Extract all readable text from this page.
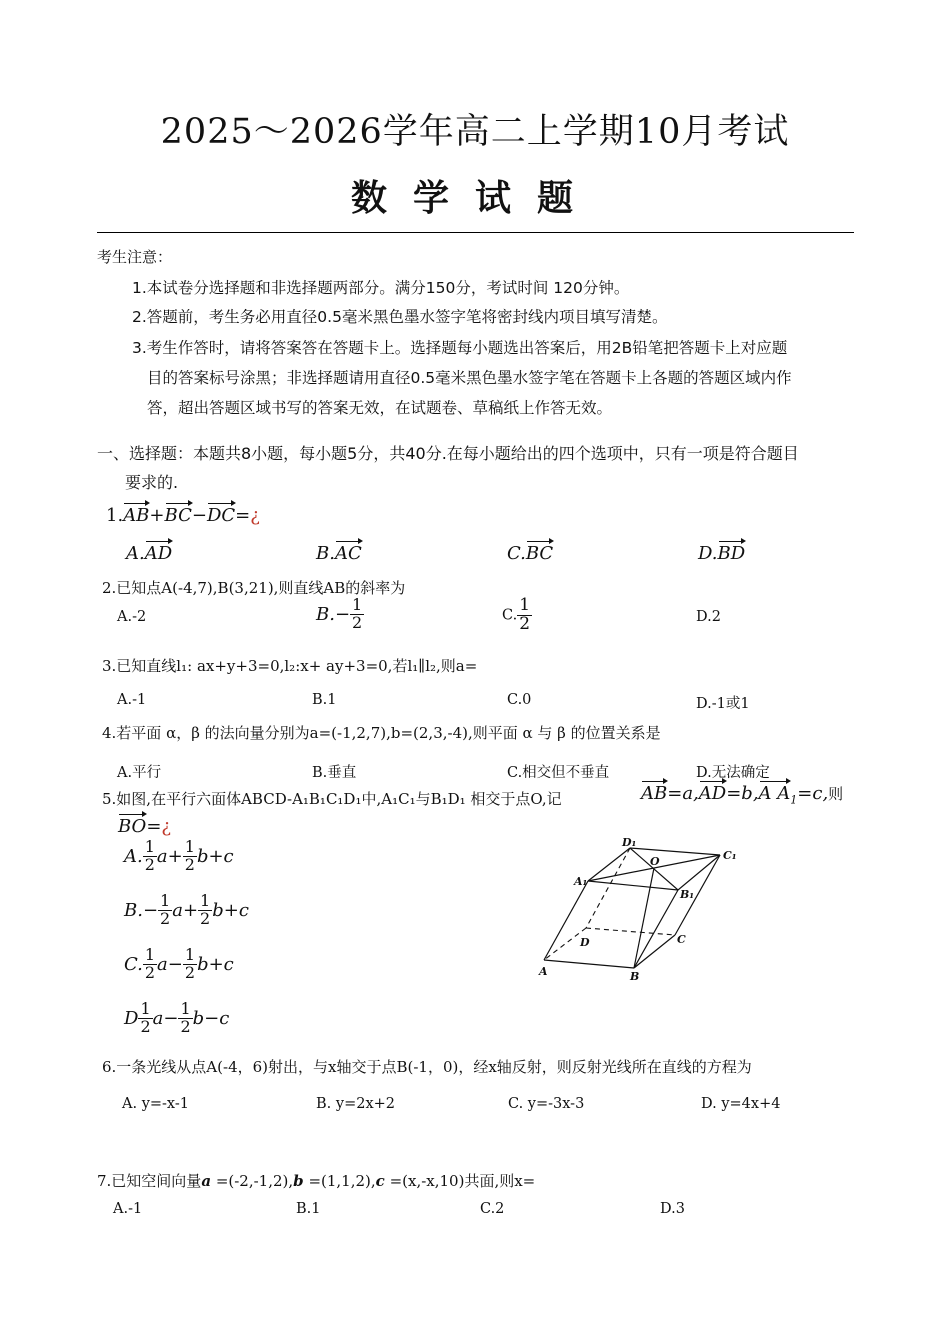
2025～2026学年高二上学期10月考试
数学试题
考生注意：
1.本试卷分选择题和非选择题两部分。满分150分，考试时间 120分钟。
2.答题前，考生务必用直径0.5毫米黑色墨水签字笔将密封线内项目填写清楚。
3.考生作答时，请将答案答在答题卡上。选择题每小题选出答案后，用2B铅笔把答题卡上对应题
目的答案标号涂黑；非选择题请用直径0.5毫米黑色墨水签字笔在答题卡上各题的答题区域内作
答，超出答题区域书写的答案无效，在试题卷、草稿纸上作答无效。
一、选择题：本题共8小题，每小题5分，共40分.在每小题给出的四个选项中，只有一项是符合题目
要求的.
1.AB+BC−DC=¿
A.AD	B.AC	C.BC	D.BD
2.已知点A(-4,7),B(3,21),则直线AB的斜率为
A.-2	$B.- \frac{1}{2}$	C. $\frac{1}{2}$	D.2
3.已知直线l₁: ax+y+3=0,l₂:x+ ay+3=0,若l₁∥l₂,则a=
A.-1	B.1	C.0	D.-1或1
4.若平面 α，β 的法向量分别为a=(-1,2,7),b=(2,3,-4),则平面 α 与 β 的位置关系是
A.平行	B.垂直	C.相交但不垂直	D.无法确定
5.如图,在平行六面体ABCD-A₁B₁C₁D₁中,A₁C₁与B₁D₁ 相交于点O,记	AB=a,AD=b,A $A_1=c$,则
BO=¿
A. $\frac{1}{2} a+ \frac{1}{2} b+c$
$B.- \frac{1}{2} a+ \frac{1}{2} b+c$
C. $\frac{1}{2} a- \frac{1}{2} b+c$
D $\frac{1}{2} a- \frac{1}{2} b-c$
D₁
O	C₁
A₁
B₁
D	C
A	B
6.一条光线从点A(-4，6)射出，与x轴交于点B(-1，0)，经x轴反射，则反射光线所在直线的方程为
A. y=-x-1	B. y=2x+2	C. y=-3x-3	D. y=4x+4
7.已知空间向量a =(-2,-1,2),b =(1,1,2),c =(x,-x,10)共面,则x=
A.-1	B.1	C.2	D.3
